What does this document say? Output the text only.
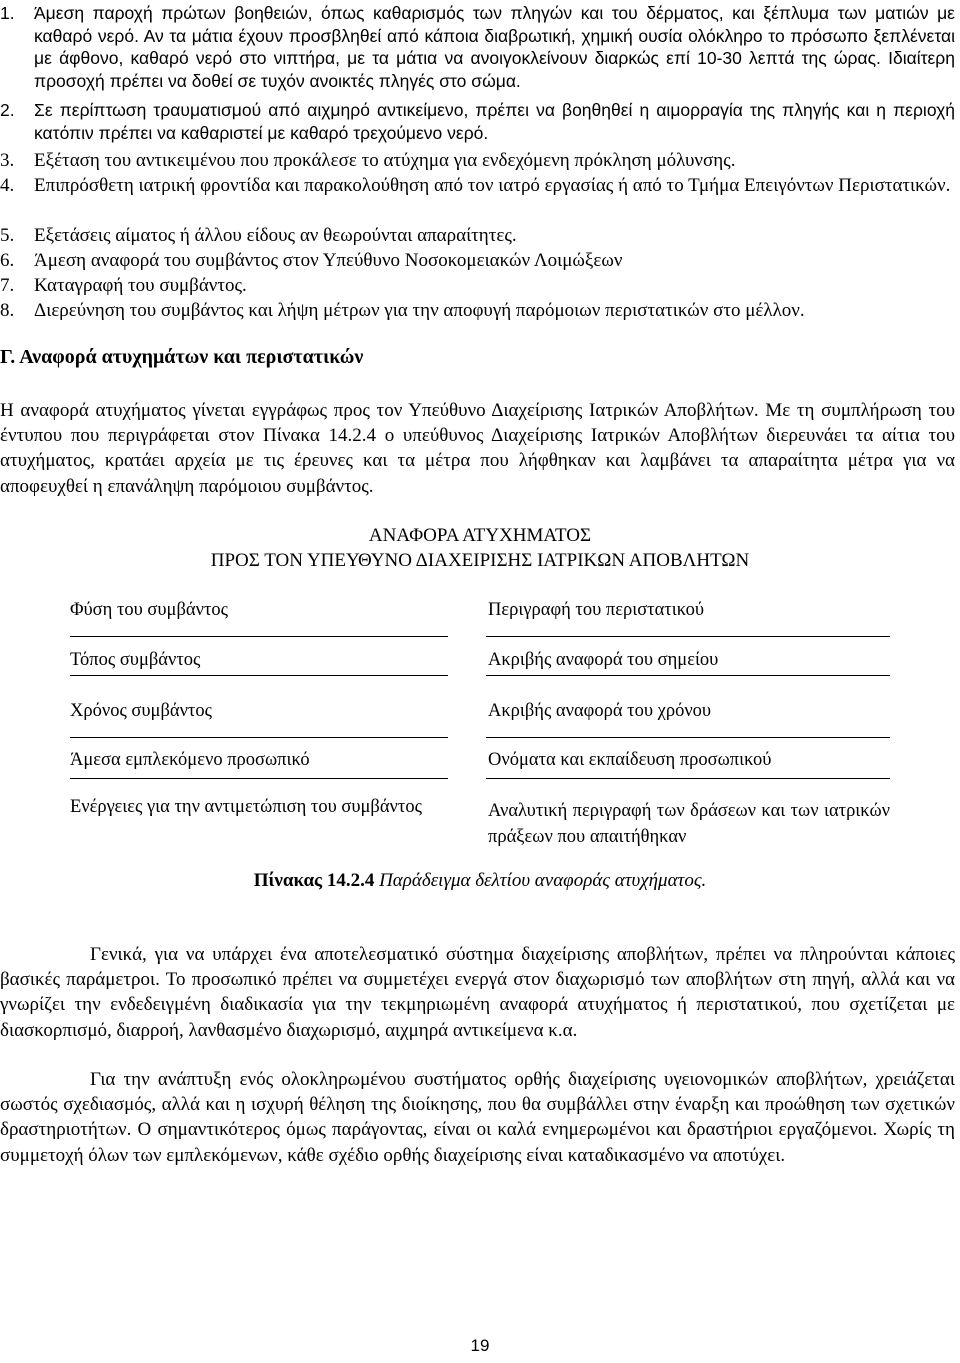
1. Άμεση παροχή πρώτων βοηθειών, όπως καθαρισμός των πληγών και του δέρματος, και ξέπλυμα των ματιών με καθαρό νερό. Αν τα μάτια έχουν προσβληθεί από κάποια διαβρωτική, χημική ουσία ολόκληρο το πρόσωπο ξεπλένεται με άφθονο, καθαρό νερό στο νιπτήρα, με τα μάτια να ανοιγοκλείνουν διαρκώς επί 10-30 λεπτά της ώρας. Ιδιαίτερη προσοχή πρέπει να δοθεί σε τυχόν ανοικτές πληγές στο σώμα.
2. Σε περίπτωση τραυματισμού από αιχμηρό αντικείμενο, πρέπει να βοηθηθεί η αιμορραγία της πληγής και η περιοχή κατόπιν πρέπει να καθαριστεί με καθαρό τρεχούμενο νερό.
3. Εξέταση του αντικειμένου που προκάλεσε το ατύχημα για ενδεχόμενη πρόκληση μόλυνσης.
4. Επιπρόσθετη ιατρική φροντίδα και παρακολούθηση από τον ιατρό εργασίας ή από το Τμήμα Επειγόντων Περιστατικών.
5. Εξετάσεις αίματος ή άλλου είδους αν θεωρούνται απαραίτητες.
6. Άμεση αναφορά του συμβάντος στον Υπεύθυνο Νοσοκομειακών Λοιμώξεων
7. Καταγραφή του συμβάντος.
8. Διερεύνηση του συμβάντος και λήψη μέτρων για την αποφυγή παρόμοιων περιστατικών στο μέλλον.
Γ. Αναφορά ατυχημάτων και περιστατικών
Η αναφορά ατυχήματος γίνεται εγγράφως προς τον Υπεύθυνο Διαχείρισης Ιατρικών Αποβλήτων. Με τη συμπλήρωση του έντυπου που περιγράφεται στον Πίνακα 14.2.4 ο υπεύθυνος Διαχείρισης Ιατρικών Αποβλήτων διερευνάει τα αίτια του ατυχήματος, κρατάει αρχεία με τις έρευνες και τα μέτρα που λήφθηκαν και λαμβάνει τα απαραίτητα μέτρα για να αποφευχθεί η επανάληψη παρόμοιου συμβάντος.
ΑΝΑΦΟΡΑ ΑΤΥΧΗΜΑΤΟΣ
ΠΡΟΣ ΤΟΝ ΥΠΕΥΘΥΝΟ ΔΙΑΧΕΙΡΙΣΗΣ ΙΑΤΡΙΚΩΝ ΑΠΟΒΛΗΤΩΝ
Φύση του συμβάντος	Περιγραφή του περιστατικού
Τόπος συμβάντος	Ακριβής αναφορά του σημείου
Χρόνος συμβάντος	Ακριβής αναφορά του χρόνου
Άμεσα εμπλεκόμενο προσωπικό	Ονόματα και εκπαίδευση προσωπικού
Ενέργειες για την αντιμετώπιση του συμβάντος	Αναλυτική περιγραφή των δράσεων και των ιατρικών πράξεων που απαιτήθηκαν
Πίνακας 14.2.4 Παράδειγμα δελτίου αναφοράς ατυχήματος.
Γενικά, για να υπάρχει ένα αποτελεσματικό σύστημα διαχείρισης αποβλήτων, πρέπει να πληρούνται κάποιες βασικές παράμετροι. Το προσωπικό πρέπει να συμμετέχει ενεργά στον διαχωρισμό των αποβλήτων στη πηγή, αλλά και να γνωρίζει την ενδεδειγμένη διαδικασία για την τεκμηριωμένη αναφορά ατυχήματος ή περιστατικού, που σχετίζεται με διασκορπισμό, διαρροή, λανθασμένο διαχωρισμό, αιχμηρά αντικείμενα κ.α.
Για την ανάπτυξη ενός ολοκληρωμένου συστήματος ορθής διαχείρισης υγειονομικών αποβλήτων, χρειάζεται σωστός σχεδιασμός, αλλά και η ισχυρή θέληση της διοίκησης, που θα συμβάλλει στην έναρξη και προώθηση των σχετικών δραστηριοτήτων. Ο σημαντικότερος όμως παράγοντας, είναι οι καλά ενημερωμένοι και δραστήριοι εργαζόμενοι. Χωρίς τη συμμετοχή όλων των εμπλεκόμενων, κάθε σχέδιο ορθής διαχείρισης είναι καταδικασμένο να αποτύχει.
19
